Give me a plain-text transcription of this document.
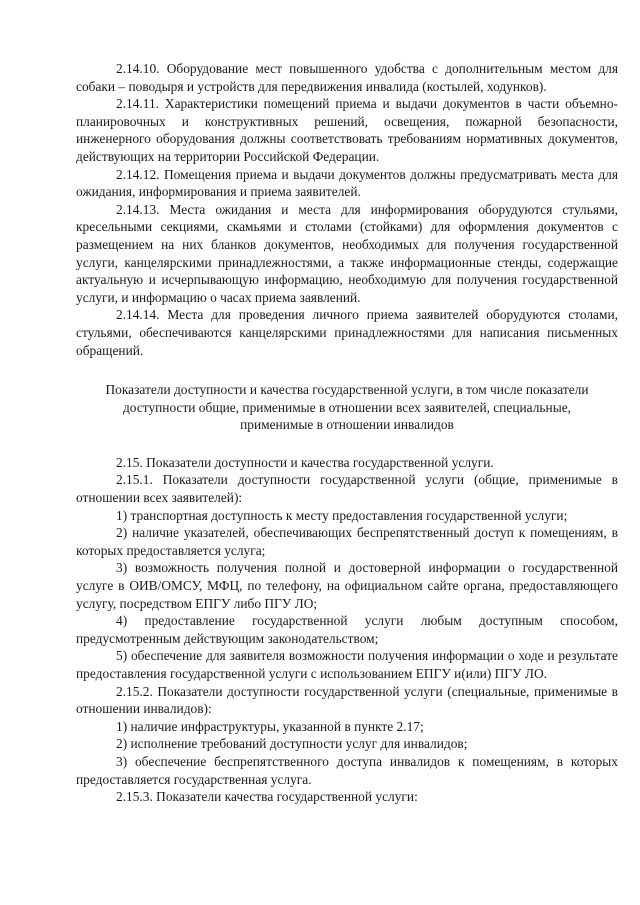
2.14.10. Оборудование мест повышенного удобства с дополнительным местом для собаки – поводыря и устройств для передвижения инвалида (костылей, ходунков).

2.14.11. Характеристики помещений приема и выдачи документов в части объемно-планировочных и конструктивных решений, освещения, пожарной безопасности, инженерного оборудования должны соответствовать требованиям нормативных документов, действующих на территории Российской Федерации.

2.14.12. Помещения приема и выдачи документов должны предусматривать места для ожидания, информирования и приема заявителей.

2.14.13. Места ожидания и места для информирования оборудуются стульями, кресельными секциями, скамьями и столами (стойками) для оформления документов с размещением на них бланков документов, необходимых для получения государственной услуги, канцелярскими принадлежностями, а также информационные стенды, содержащие актуальную и исчерпывающую информацию, необходимую для получения государственной услуги, и информацию о часах приема заявлений.

2.14.14. Места для проведения личного приема заявителей оборудуются столами, стульями, обеспечиваются канцелярскими принадлежностями для написания письменных обращений.

Показатели доступности и качества государственной услуги, в том числе показатели доступности общие, применимые в отношении всех заявителей, специальные, применимые в отношении инвалидов

2.15. Показатели доступности и качества государственной услуги.

2.15.1. Показатели доступности государственной услуги (общие, применимые в отношении всех заявителей):

1) транспортная доступность к месту предоставления государственной услуги;

2) наличие указателей, обеспечивающих беспрепятственный доступ к помещениям, в которых предоставляется услуга;

3) возможность получения полной и достоверной информации о государственной услуге в ОИВ/ОМСУ, МФЦ, по телефону, на официальном сайте органа, предоставляющего услугу, посредством ЕПГУ либо ПГУ ЛО;

4) предоставление государственной услуги любым доступным способом, предусмотренным действующим законодательством;

5) обеспечение для заявителя возможности получения информации о ходе и результате предоставления государственной услуги с использованием ЕПГУ и(или) ПГУ ЛО.

2.15.2. Показатели доступности государственной услуги (специальные, применимые в отношении инвалидов):

1) наличие инфраструктуры, указанной в пункте 2.17;

2) исполнение требований доступности услуг для инвалидов;

3) обеспечение беспрепятственного доступа инвалидов к помещениям, в которых предоставляется государственная услуга.

2.15.3. Показатели качества государственной услуги:
